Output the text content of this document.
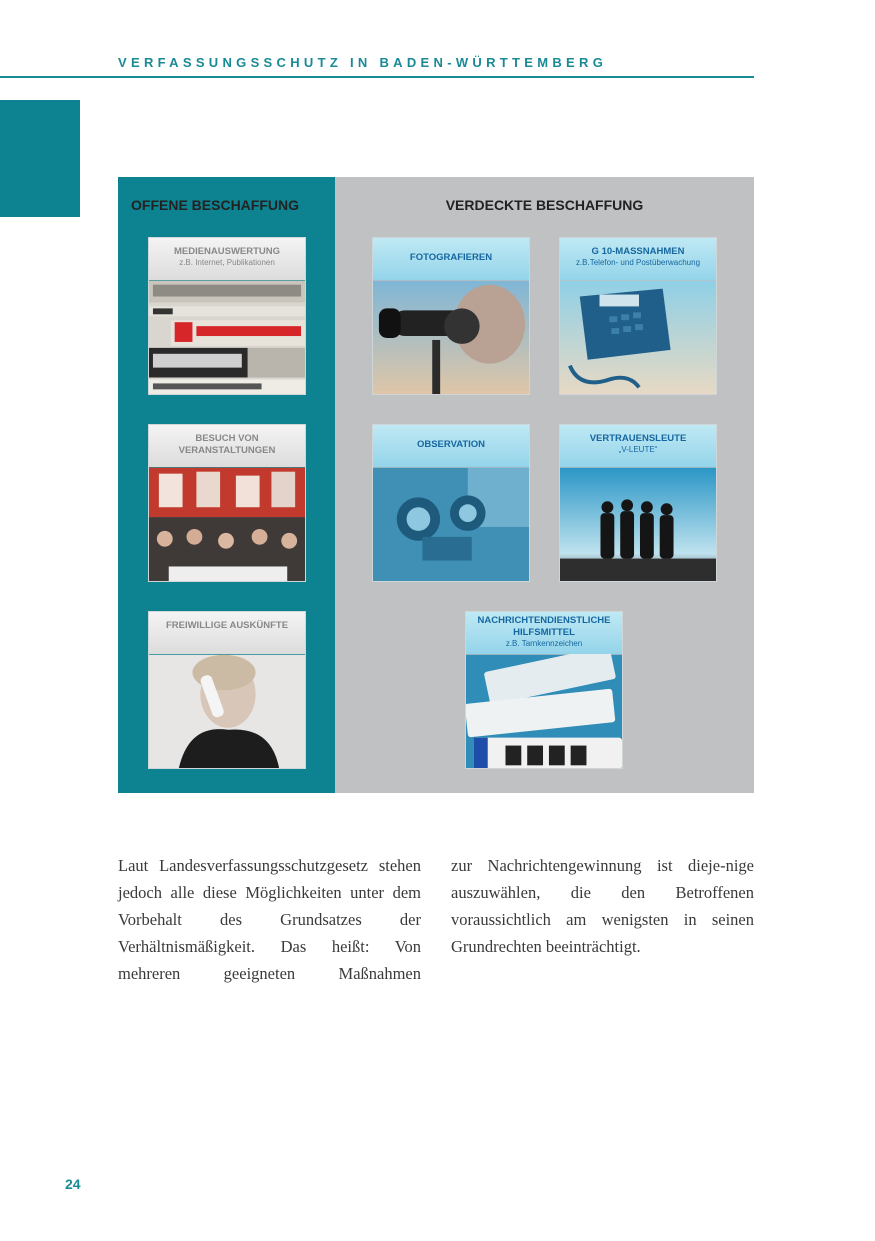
VERFASSUNGSSCHUTZ IN BADEN-WÜRTTEMBERG
OFFENE BESCHAFFUNG
MEDIENAUSWERTUNG
z.B. Internet, Publikationen
BESUCH VON VERANSTALTUNGEN
FREIWILLIGE AUSKÜNFTE
VERDECKTE BESCHAFFUNG
FOTOGRAFIEREN
G 10-MASSNAHMEN
z.B.Telefon- und Postüberwachung
OBSERVATION
VERTRAUENSLEUTE
„V-LEUTE“
NACHRICHTENDIENSTLICHE HILFSMITTEL
z.B. Tarnkennzeichen

Laut Landesverfassungsschutzgesetz stehen jedoch alle diese Möglichkeiten unter dem Vorbehalt des Grundsatzes der Verhältnismäßigkeit. Das heißt: Von mehreren geeigneten Maßnahmen

zur Nachrichtengewinnung ist dieje-nige auszuwählen, die den Betroffenen voraussichtlich am wenigsten in seinen Grundrechten beeinträchtigt.

24
